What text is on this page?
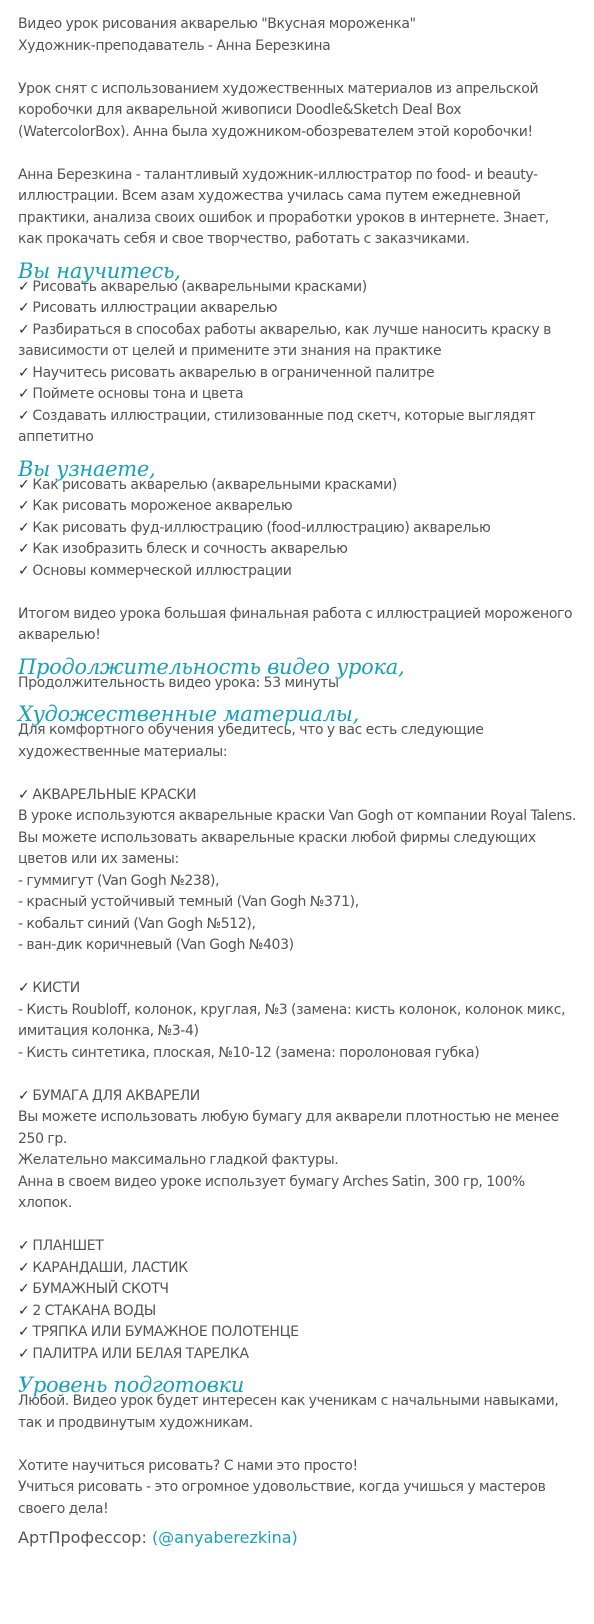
Видео урок рисования акварелью "Вкусная мороженка"

Художник-преподаватель - Анна Березкина

Урок снят с использованием художественных материалов из апрельской коробочки для акварельной живописи Doodle&Sketch Deal Box (WatercolorBox). Анна была художником-обозревателем этой коробочки!

Анна Березкина - талантливый художник-иллюстратор по food- и beauty-иллюстрации. Всем азам художества училась сама путем ежедневной практики, анализа своих ошибок и проработки уроков в интернете. Знает, как прокачать себя и свое творчество, работать с заказчиками.

Вы научитесь,

✓ Рисовать акварелью (акварельными красками)

✓ Рисовать иллюстрации акварелью

✓ Разбираться в способах работы акварелью, как лучше наносить краску в зависимости от целей и примените эти знания на практике

✓ Научитесь рисовать акварелью в ограниченной палитре

✓ Поймете основы тона и цвета

✓ Создавать иллюстрации, стилизованные под скетч, которые выглядят аппетитно

Вы узнаете,

✓ Как рисовать акварелью (акварельными красками)

✓ Как рисовать мороженое акварелью

✓ Как рисовать фуд-иллюстрацию (food-иллюстрацию) акварелью

✓ Как изобразить блеск и сочность акварелью

✓ Основы коммерческой иллюстрации

Итогом видео урока большая финальная работа с иллюстрацией мороженого акварелью!

Продолжительность видео урока,

Продолжительность видео урока: 53 минуты

Художественные материалы,

Для комфортного обучения убедитесь, что у вас есть следующие художественные материалы:

✓ АКВАРЕЛЬНЫЕ КРАСКИ

В уроке используются акварельные краски Van Gogh от компании Royal Talens.

Вы можете использовать акварельные краски любой фирмы следующих цветов или их замены:

- гуммигут (Van Gogh №238),

- красный устойчивый темный (Van Gogh №371),

- кобальт синий (Van Gogh №512),

- ван-дик коричневый (Van Gogh №403)

✓ КИСТИ

- Кисть Roubloff, колонок, круглая, №3 (замена: кисть колонок, колонок микс, имитация колонка, №3-4)

- Кисть синтетика, плоская, №10-12 (замена: поролоновая губка)

✓ БУМАГА ДЛЯ АКВАРЕЛИ

Вы можете использовать любую бумагу для акварели плотностью не менее 250 гр.

Желательно максимально гладкой фактуры.

Анна в своем видео уроке использует бумагу Arches Satin, 300 гр, 100% хлопок.

✓ ПЛАНШЕТ

✓ КАРАНДАШИ, ЛАСТИК

✓ БУМАЖНЫЙ СКОТЧ

✓ 2 СТАКАНА ВОДЫ

✓ ТРЯПКА ИЛИ БУМАЖНОЕ ПОЛОТЕНЦЕ

✓ ПАЛИТРА ИЛИ БЕЛАЯ ТАРЕЛКА

Уровень подготовки

Любой. Видео урок будет интересен как ученикам с начальными навыками, так и продвинутым художникам.

Хотите научиться рисовать? С нами это просто!

Учиться рисовать - это огромное удовольствие, когда учишься у мастеров своего дела!

АртПрофессор: (@anyaberezkina)
